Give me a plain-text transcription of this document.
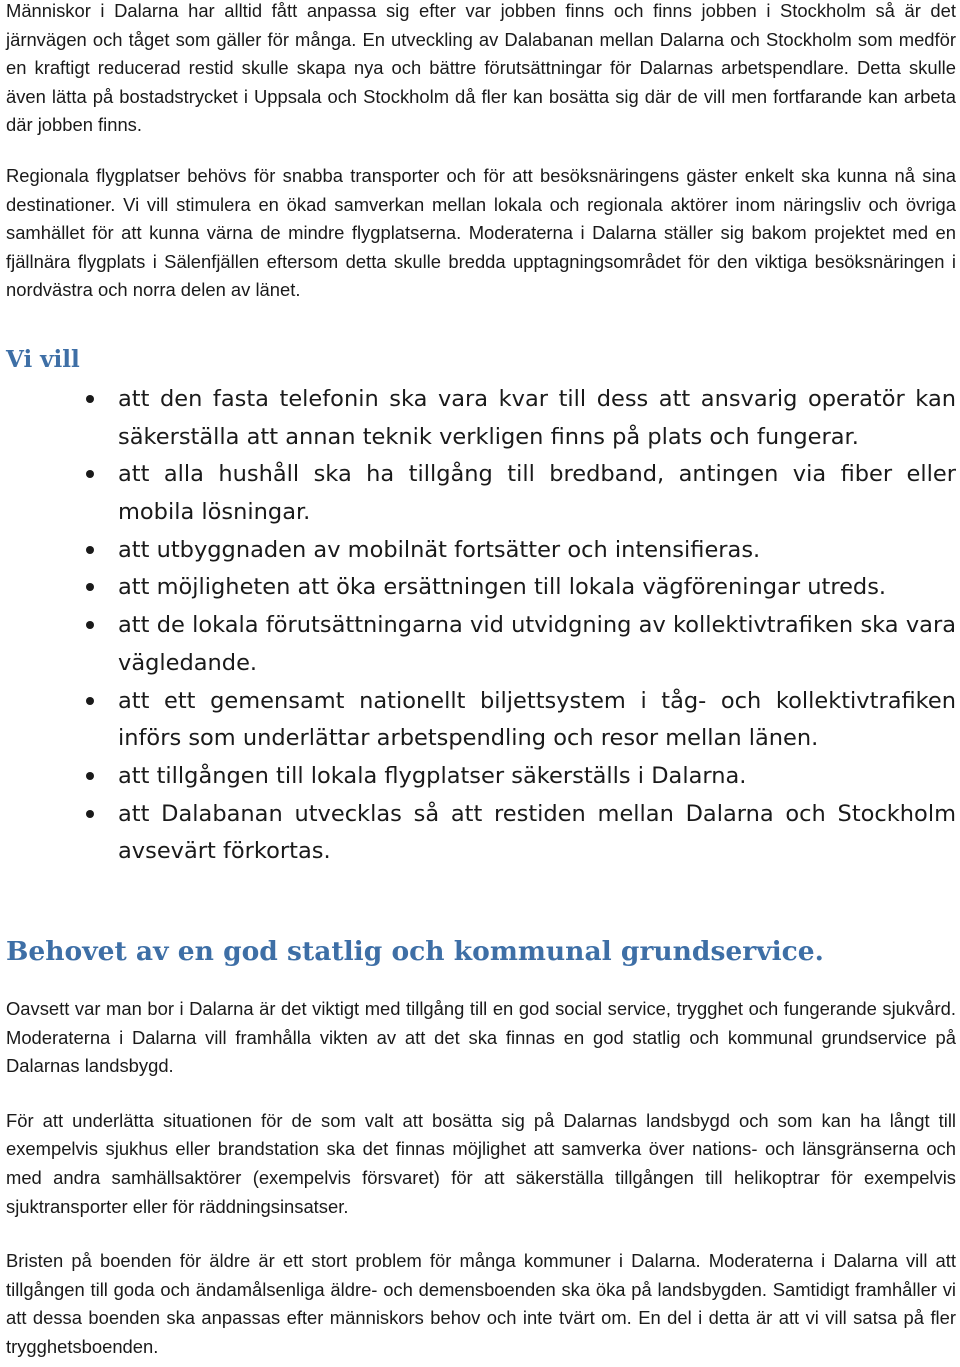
Människor i Dalarna har alltid fått anpassa sig efter var jobben finns och finns jobben i Stockholm så är det järnvägen och tåget som gäller för många. En utveckling av Dalabanan mellan Dalarna och Stockholm som medför en kraftigt reducerad restid skulle skapa nya och bättre förutsättningar för Dalarnas arbetspendlare. Detta skulle även lätta på bostadstrycket i Uppsala och Stockholm då fler kan bosätta sig där de vill men fortfarande kan arbeta där jobben finns.

Regionala flygplatser behövs för snabba transporter och för att besöksnäringens gäster enkelt ska kunna nå sina destinationer. Vi vill stimulera en ökad samverkan mellan lokala och regionala aktörer inom näringsliv och övriga samhället för att kunna värna de mindre flygplatserna. Moderaterna i Dalarna ställer sig bakom projektet med en fjällnära flygplats i Sälenfjällen eftersom detta skulle bredda upptagningsområdet för den viktiga besöksnäringen i nordvästra och norra delen av länet.

Vi vill
att den fasta telefonin ska vara kvar till dess att ansvarig operatör kan säkerställa att annan teknik verkligen finns på plats och fungerar.
att alla hushåll ska ha tillgång till bredband, antingen via fiber eller mobila lösningar.
att utbyggnaden av mobilnät fortsätter och intensifieras.
att möjligheten att öka ersättningen till lokala vägföreningar utreds.
att de lokala förutsättningarna vid utvidgning av kollektivtrafiken ska vara vägledande.
att ett gemensamt nationellt biljettsystem i tåg- och kollektivtrafiken införs som underlättar arbetspendling och resor mellan länen.
att tillgången till lokala flygplatser säkerställs i Dalarna.
att Dalabanan utvecklas så att restiden mellan Dalarna och Stockholm avsevärt förkortas.
Behovet av en god statlig och kommunal grundservice.

Oavsett var man bor i Dalarna är det viktigt med tillgång till en god social service, trygghet och fungerande sjukvård. Moderaterna i Dalarna vill framhålla vikten av att det ska finnas en god statlig och kommunal grundservice på Dalarnas landsbygd.

För att underlätta situationen för de som valt att bosätta sig på Dalarnas landsbygd och som kan ha långt till exempelvis sjukhus eller brandstation ska det finnas möjlighet att samverka över nations- och länsgränserna och med andra samhällsaktörer (exempelvis försvaret) för att säkerställa tillgången till helikoptrar för exempelvis sjuktransporter eller för räddningsinsatser.

Bristen på boenden för äldre är ett stort problem för många kommuner i Dalarna. Moderaterna i Dalarna vill att tillgången till goda och ändamålsenliga äldre- och demensboenden ska öka på landsbygden. Samtidigt framhåller vi att dessa boenden ska anpassas efter människors behov och inte tvärt om. En del i detta är att vi vill satsa på fler trygghetsboenden.
